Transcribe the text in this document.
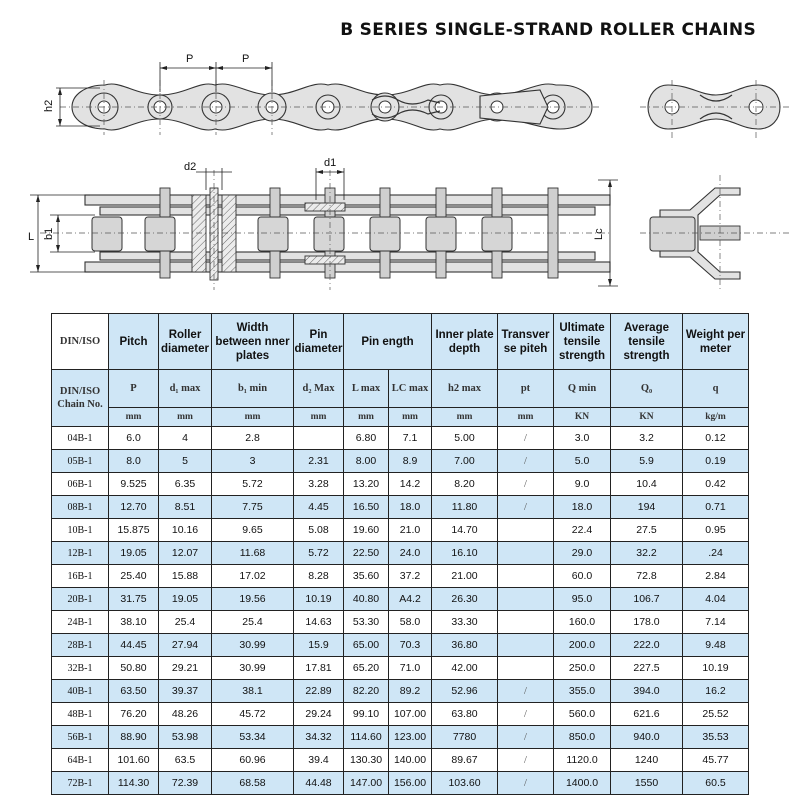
B SERIES SINGLE-STRAND ROLLER CHAINS
P	P
h2
d2	d1
L b1	Lc
DIN/ISO	Pitch	Roller diameter	Width between nner plates	Pin diameter	Pin ength		Inner plate depth	Transver se piteh	Ultimate tensile strength	Average tensile strength	Weight per meter
DIN/ISO Chain No.	P	d₁ max	b₁ min	d₂ Max	L max	LC max	h2 max	pt	Q min	Q₀	q
	mm	mm	mm	mm	mm	mm	mm	mm	KN	KN	kg/m
04B-1	6.0	4	2.8		6.80	7.1	5.00	/	3.0	3.2	0.12
05B-1	8.0	5	3	2.31	8.00	8.9	7.00	/	5.0	5.9	0.19
06B-1	9.525	6.35	5.72	3.28	13.20	14.2	8.20	/	9.0	10.4	0.42
08B-1	12.70	8.51	7.75	4.45	16.50	18.0	11.80	/	18.0	194	0.71
10B-1	15.875	10.16	9.65	5.08	19.60	21.0	14.70		22.4	27.5	0.95
12B-1	19.05	12.07	11.68	5.72	22.50	24.0	16.10		29.0	32.2	.24
16B-1	25.40	15.88	17.02	8.28	35.60	37.2	21.00		60.0	72.8	2.84
20B-1	31.75	19.05	19.56	10.19	40.80	A4.2	26.30		95.0	106.7	4.04
24B-1	38.10	25.4	25.4	14.63	53.30	58.0	33.30		160.0	178.0	7.14
28B-1	44.45	27.94	30.99	15.9	65.00	70.3	36.80		200.0	222.0	9.48
32B-1	50.80	29.21	30.99	17.81	65.20	71.0	42.00		250.0	227.5	10.19
40B-1	63.50	39.37	38.1	22.89	82.20	89.2	52.96	/	355.0	394.0	16.2
48B-1	76.20	48.26	45.72	29.24	99.10	107.00	63.80	/	560.0	621.6	25.52
56B-1	88.90	53.98	53.34	34.32	114.60	123.00	7780	/	850.0	940.0	35.53
64B-1	101.60	63.5	60.96	39.4	130.30	140.00	89.67	/	1120.0	1240	45.77
72B-1	114.30	72.39	68.58	44.48	147.00	156.00	103.60	/	1400.0	1550	60.5
